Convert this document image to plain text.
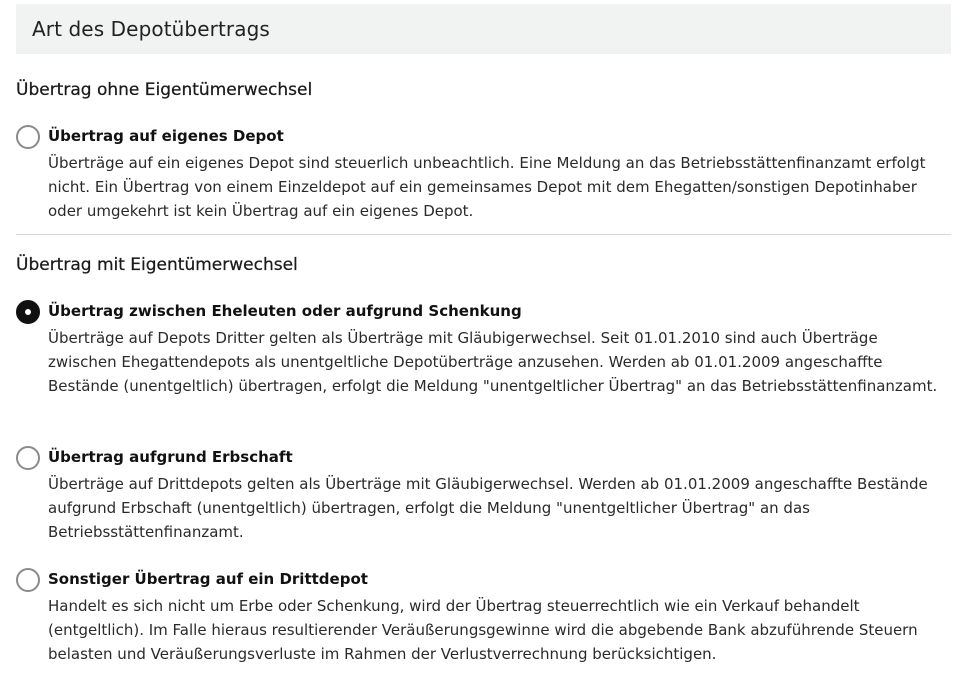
Art des Depotübertrags
Übertrag ohne Eigentümerwechsel
Übertrag auf eigenes Depot
Überträge auf ein eigenes Depot sind steuerlich unbeachtlich. Eine Meldung an das Betriebsstättenfinanzamt erfolgt nicht. Ein Übertrag von einem Einzeldepot auf ein gemeinsames Depot mit dem Ehegatten/sonstigen Depotinhaber oder umgekehrt ist kein Übertrag auf ein eigenes Depot.
Übertrag mit Eigentümerwechsel
Übertrag zwischen Eheleuten oder aufgrund Schenkung
Überträge auf Depots Dritter gelten als Überträge mit Gläubigerwechsel. Seit 01.01.2010 sind auch Überträge zwischen Ehegattendepots als unentgeltliche Depotüberträge anzusehen. Werden ab 01.01.2009 angeschaffte Bestände (unentgeltlich) übertragen, erfolgt die Meldung "unentgeltlicher Übertrag" an das Betriebsstättenfinanzamt.
Übertrag aufgrund Erbschaft
Überträge auf Drittdepots gelten als Überträge mit Gläubigerwechsel. Werden ab 01.01.2009 angeschaffte Bestände aufgrund Erbschaft (unentgeltlich) übertragen, erfolgt die Meldung "unentgeltlicher Übertrag" an das Betriebsstättenfinanzamt.
Sonstiger Übertrag auf ein Drittdepot
Handelt es sich nicht um Erbe oder Schenkung, wird der Übertrag steuerrechtlich wie ein Verkauf behandelt (entgeltlich). Im Falle hieraus resultierender Veräußerungsgewinne wird die abgebende Bank abzuführende Steuern belasten und Veräußerungsverluste im Rahmen der Verlustverrechnung berücksichtigen.
